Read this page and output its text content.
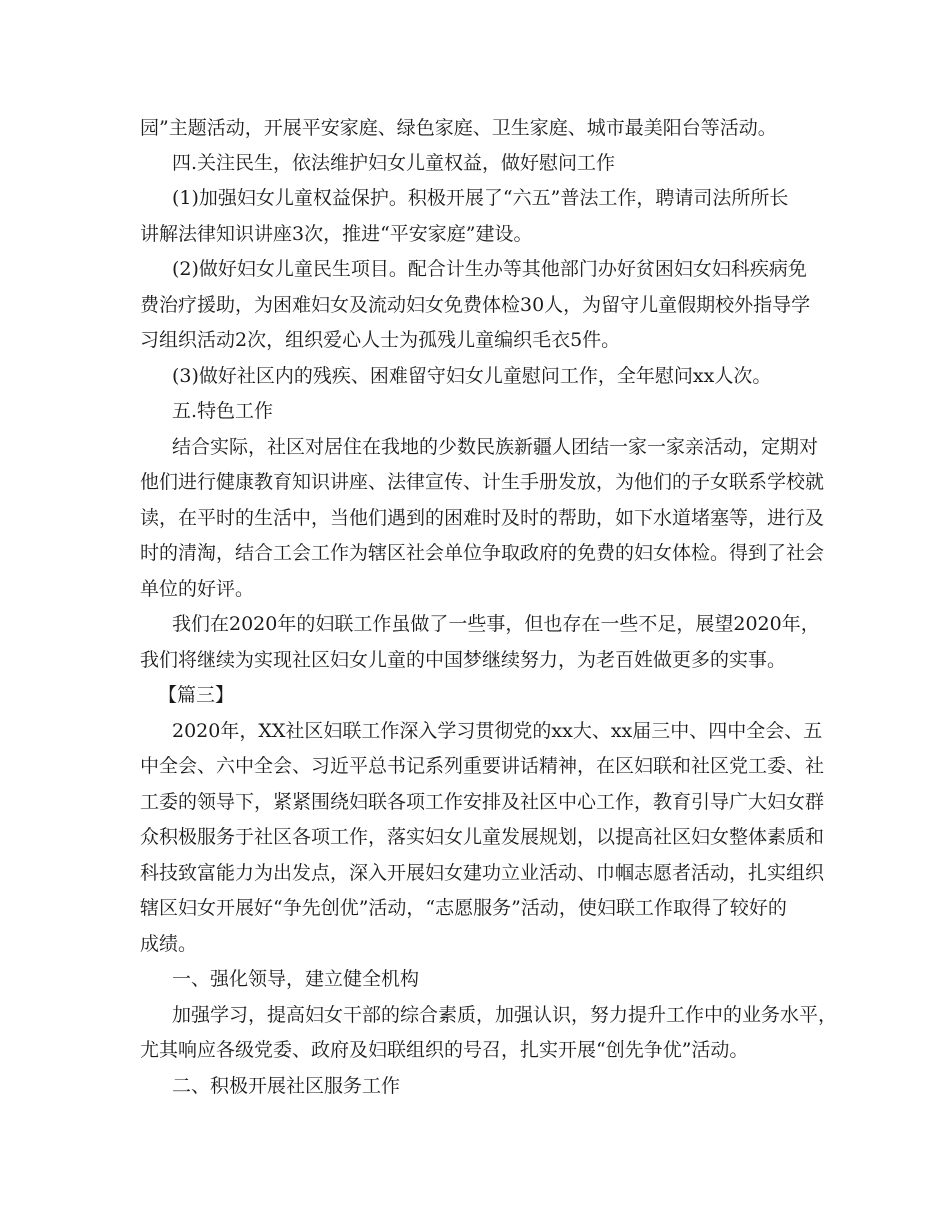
园”主题活动，开展平安家庭、绿色家庭、卫生家庭、城市最美阳台等活动。
四.关注民生，依法维护妇女儿童权益，做好慰问工作
(1)加强妇女儿童权益保护。积极开展了“六五”普法工作，聘请司法所所长
讲解法律知识讲座3次，推进“平安家庭”建设。
(2)做好妇女儿童民生项目。配合计生办等其他部门办好贫困妇女妇科疾病免
费治疗援助，为困难妇女及流动妇女免费体检30人，为留守儿童假期校外指导学
习组织活动2次，组织爱心人士为孤残儿童编织毛衣5件。
(3)做好社区内的残疾、困难留守妇女儿童慰问工作，全年慰问xx人次。
五.特色工作
结合实际，社区对居住在我地的少数民族新疆人团结一家一家亲活动，定期对
他们进行健康教育知识讲座、法律宣传、计生手册发放，为他们的子女联系学校就
读，在平时的生活中，当他们遇到的困难时及时的帮助，如下水道堵塞等，进行及
时的清淘，结合工会工作为辖区社会单位争取政府的免费的妇女体检。得到了社会
单位的好评。
我们在2020年的妇联工作虽做了一些事，但也存在一些不足，展望2020年，
我们将继续为实现社区妇女儿童的中国梦继续努力，为老百姓做更多的实事。
【篇三】
2020年，XX社区妇联工作深入学习贯彻党的xx大、xx届三中、四中全会、五
中全会、六中全会、习近平总书记系列重要讲话精神，在区妇联和社区党工委、社
工委的领导下，紧紧围绕妇联各项工作安排及社区中心工作，教育引导广大妇女群
众积极服务于社区各项工作，落实妇女儿童发展规划，以提高社区妇女整体素质和
科技致富能力为出发点，深入开展妇女建功立业活动、巾帼志愿者活动，扎实组织
辖区妇女开展好“争先创优”活动，“志愿服务”活动，使妇联工作取得了较好的
成绩。
一、强化领导，建立健全机构
加强学习，提高妇女干部的综合素质，加强认识，努力提升工作中的业务水平，
尤其响应各级党委、政府及妇联组织的号召，扎实开展“创先争优”活动。
二、积极开展社区服务工作
